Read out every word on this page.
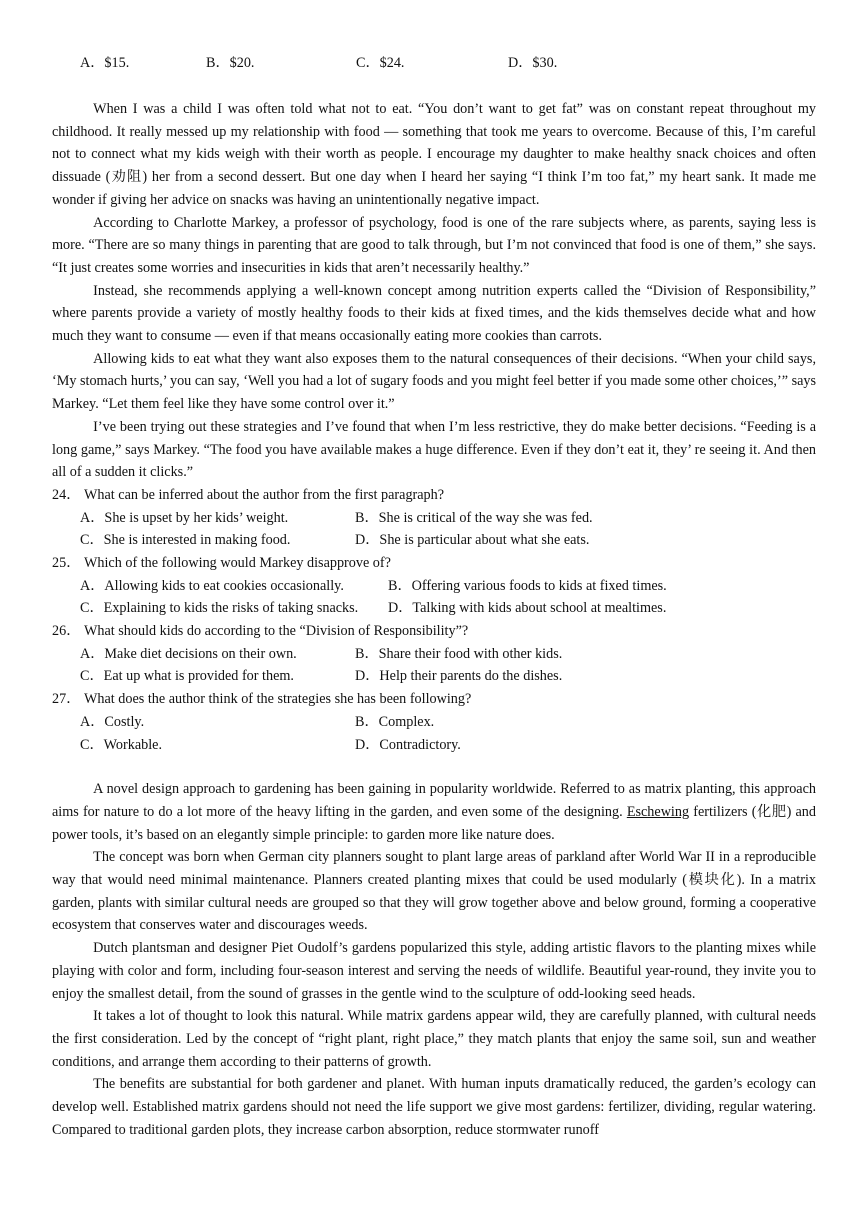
A．$15.	B．$20.	C．$24.	D．$30.

When I was a child I was often told what not to eat. “You don’t want to get fat” was on constant repeat throughout my childhood. It really messed up my relationship with food — something that took me years to overcome. Because of this, I’m careful not to connect what my kids weigh with their worth as people. I encourage my daughter to make healthy snack choices and often dissuade (劝阻) her from a second dessert. But one day when I heard her saying “I think I’m too fat,” my heart sank. It made me wonder if giving her advice on snacks was having an unintentionally negative impact.

According to Charlotte Markey, a professor of psychology, food is one of the rare subjects where, as parents, saying less is more. “There are so many things in parenting that are good to talk through, but I’m not convinced that food is one of them,” she says. “It just creates some worries and insecurities in kids that aren’t necessarily healthy.”

Instead, she recommends applying a well-known concept among nutrition experts called the “Division of Responsibility,” where parents provide a variety of mostly healthy foods to their kids at fixed times, and the kids themselves decide what and how much they want to consume — even if that means occasionally eating more cookies than carrots.

Allowing kids to eat what they want also exposes them to the natural consequences of their decisions. “When your child says, ‘My stomach hurts,’ you can say, ‘Well you had a lot of sugary foods and you might feel better if you made some other choices,’” says Markey. “Let them feel like they have some control over it.”

I’ve been trying out these strategies and I’ve found that when I’m less restrictive, they do make better decisions. “Feeding is a long game,” says Markey. “The food you have available makes a huge difference. Even if they don’t eat it, they’ re seeing it. And then all of a sudden it clicks.”

24． What can be inferred about the author from the first paragraph?
A．She is upset by her kids’ weight.	B．She is critical of the way she was fed.
C．She is interested in making food.	D．She is particular about what she eats.
25． Which of the following would Markey disapprove of?
A．Allowing kids to eat cookies occasionally.	B．Offering various foods to kids at fixed times.
C．Explaining to kids the risks of taking snacks.	D．Talking with kids about school at mealtimes.
26． What should kids do according to the “Division of Responsibility”?
A．Make diet decisions on their own.	B．Share their food with other kids.
C．Eat up what is provided for them.	D．Help their parents do the dishes.
27． What does the author think of the strategies she has been following?
A．Costly.	B．Complex.
C．Workable.	D．Contradictory.

A novel design approach to gardening has been gaining in popularity worldwide. Referred to as matrix planting, this approach aims for nature to do a lot more of the heavy lifting in the garden, and even some of the designing. Eschewing fertilizers (化肥) and power tools, it’s based on an elegantly simple principle: to garden more like nature does.

The concept was born when German city planners sought to plant large areas of parkland after World War II in a reproducible way that would need minimal maintenance. Planners created planting mixes that could be used modularly (模块化). In a matrix garden, plants with similar cultural needs are grouped so that they will grow together above and below ground, forming a cooperative ecosystem that conserves water and discourages weeds.

Dutch plantsman and designer Piet Oudolf’s gardens popularized this style, adding artistic flavors to the planting mixes while playing with color and form, including four-season interest and serving the needs of wildlife. Beautiful year-round, they invite you to enjoy the smallest detail, from the sound of grasses in the gentle wind to the sculpture of odd-looking seed heads.

It takes a lot of thought to look this natural. While matrix gardens appear wild, they are carefully planned, with cultural needs the first consideration. Led by the concept of “right plant, right place,” they match plants that enjoy the same soil, sun and weather conditions, and arrange them according to their patterns of growth.

The benefits are substantial for both gardener and planet. With human inputs dramatically reduced, the garden’s ecology can develop well. Established matrix gardens should not need the life support we give most gardens: fertilizer, dividing, regular watering. Compared to traditional garden plots, they increase carbon absorption, reduce stormwater runoff
